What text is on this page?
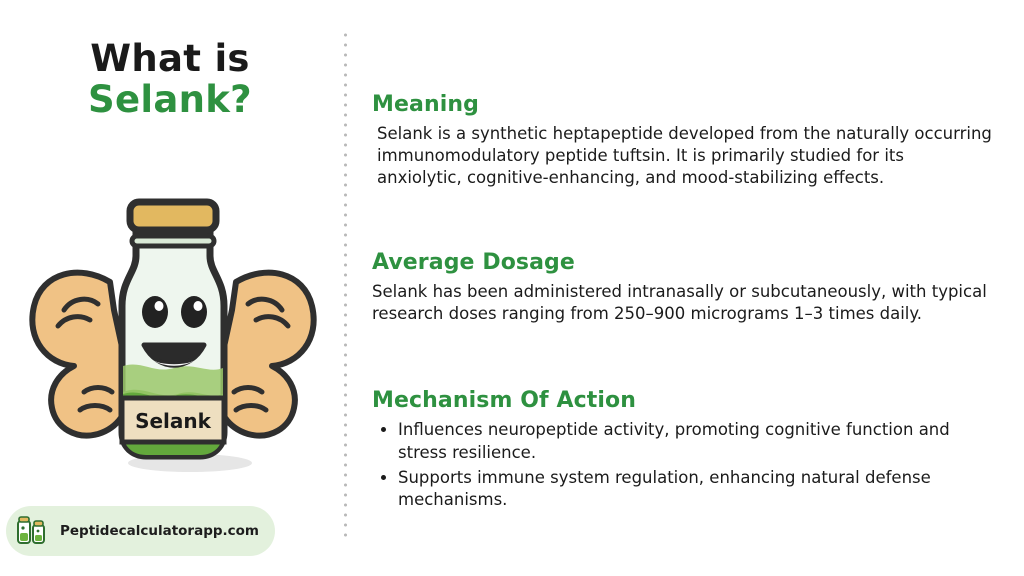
What is
Selank?
Selank
Peptidecalculatorapp.com
Meaning

Selank is a synthetic heptapeptide developed from the naturally occurring immunomodulatory peptide tuftsin. It is primarily studied for its anxiolytic, cognitive-enhancing, and mood-stabilizing effects.

Average Dosage

Selank has been administered intranasally or subcutaneously, with typical research doses ranging from 250–900 micrograms 1–3 times daily.

Mechanism Of Action
• Influences neuropeptide activity, promoting cognitive function and stress resilience.
• Supports immune system regulation, enhancing natural defense mechanisms.
